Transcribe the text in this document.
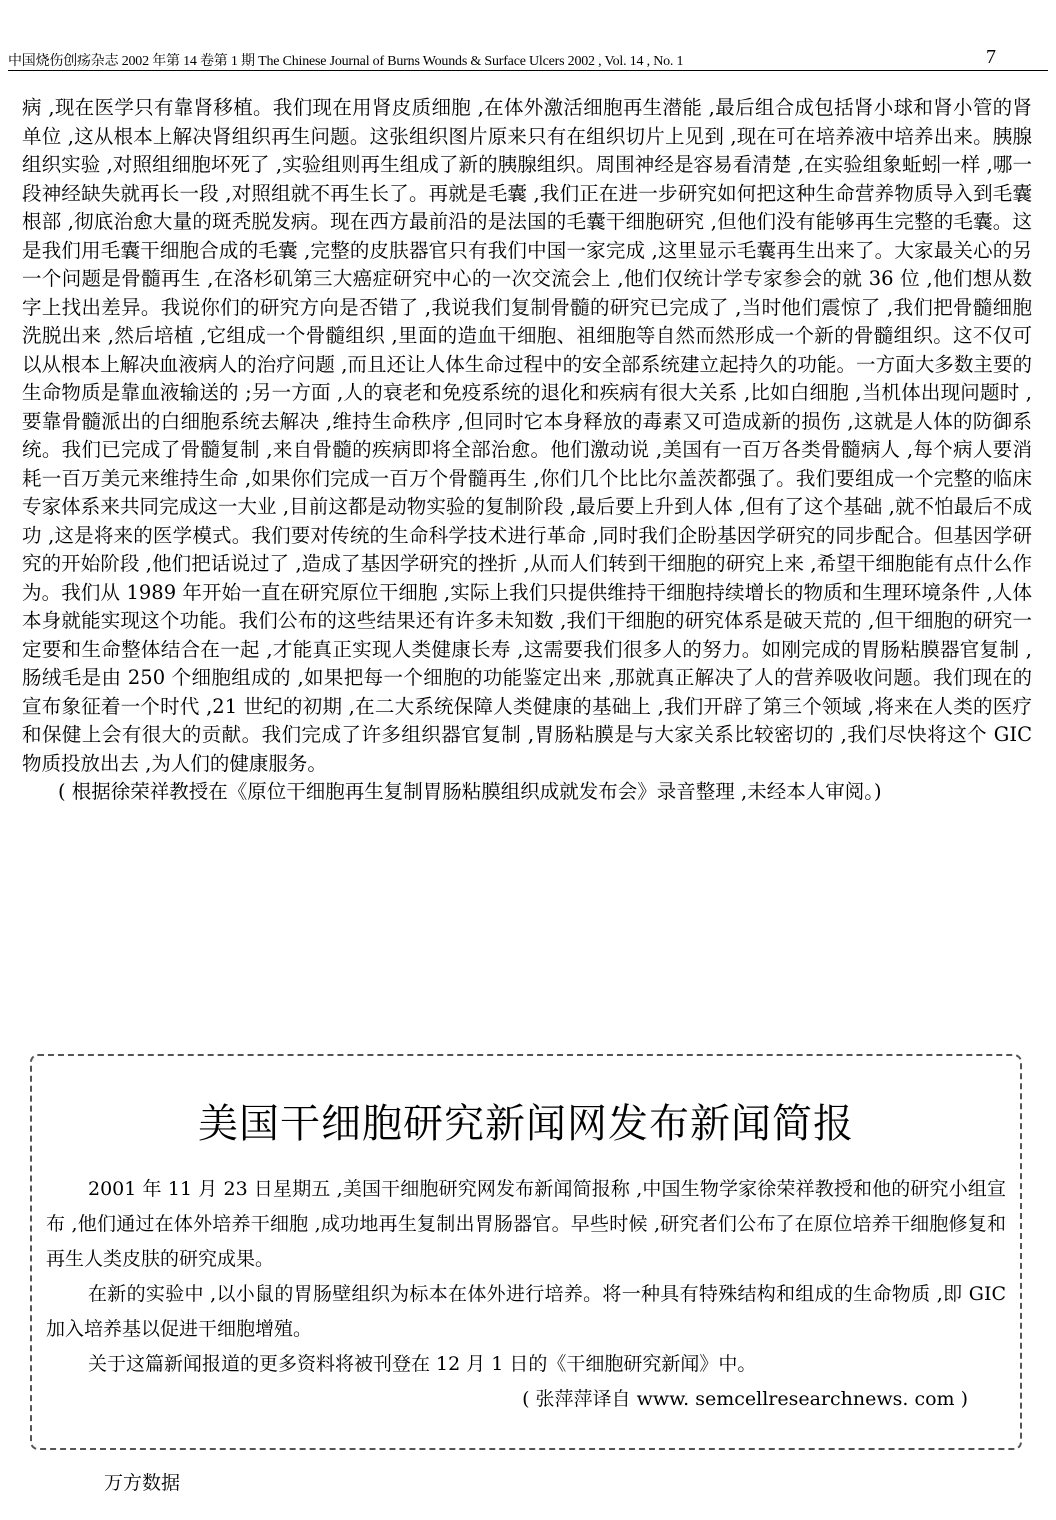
中国烧伤创疡杂志 2002 年第 14 卷第 1 期 The Chinese Journal of Burns Wounds & Surface Ulcers 2002 , Vol. 14 , No. 1	7

病 ,现在医学只有靠肾移植。我们现在用肾皮质细胞 ,在体外激活细胞再生潜能 ,最后组合成包括肾小球和肾小管的肾单位 ,这从根本上解决肾组织再生问题。这张组织图片原来只有在组织切片上见到 ,现在可在培养液中培养出来。胰腺组织实验 ,对照组细胞坏死了 ,实验组则再生组成了新的胰腺组织。周围神经是容易看清楚 ,在实验组象蚯蚓一样 ,哪一段神经缺失就再长一段 ,对照组就不再生长了。再就是毛囊 ,我们正在进一步研究如何把这种生命营养物质导入到毛囊根部 ,彻底治愈大量的斑秃脱发病。现在西方最前沿的是法国的毛囊干细胞研究 ,但他们没有能够再生完整的毛囊。这是我们用毛囊干细胞合成的毛囊 ,完整的皮肤器官只有我们中国一家完成 ,这里显示毛囊再生出来了。大家最关心的另一个问题是骨髓再生 ,在洛杉矶第三大癌症研究中心的一次交流会上 ,他们仅统计学专家参会的就 36 位 ,他们想从数字上找出差异。我说你们的研究方向是否错了 ,我说我们复制骨髓的研究已完成了 ,当时他们震惊了 ,我们把骨髓细胞洗脱出来 ,然后培植 ,它组成一个骨髓组织 ,里面的造血干细胞、祖细胞等自然而然形成一个新的骨髓组织。这不仅可以从根本上解决血液病人的治疗问题 ,而且还让人体生命过程中的安全部系统建立起持久的功能。一方面大多数主要的生命物质是靠血液输送的 ;另一方面 ,人的衰老和免疫系统的退化和疾病有很大关系 ,比如白细胞 ,当机体出现问题时 ,要靠骨髓派出的白细胞系统去解决 ,维持生命秩序 ,但同时它本身释放的毒素又可造成新的损伤 ,这就是人体的防御系统。我们已完成了骨髓复制 ,来自骨髓的疾病即将全部治愈。他们激动说 ,美国有一百万各类骨髓病人 ,每个病人要消耗一百万美元来维持生命 ,如果你们完成一百万个骨髓再生 ,你们几个比比尔盖茨都强了。我们要组成一个完整的临床专家体系来共同完成这一大业 ,目前这都是动物实验的复制阶段 ,最后要上升到人体 ,但有了这个基础 ,就不怕最后不成功 ,这是将来的医学模式。我们要对传统的生命科学技术进行革命 ,同时我们企盼基因学研究的同步配合。但基因学研究的开始阶段 ,他们把话说过了 ,造成了基因学研究的挫折 ,从而人们转到干细胞的研究上来 ,希望干细胞能有点什么作为。我们从 1989 年开始一直在研究原位干细胞 ,实际上我们只提供维持干细胞持续增长的物质和生理环境条件 ,人体本身就能实现这个功能。我们公布的这些结果还有许多未知数 ,我们干细胞的研究体系是破天荒的 ,但干细胞的研究一定要和生命整体结合在一起 ,才能真正实现人类健康长寿 ,这需要我们很多人的努力。如刚完成的胃肠粘膜器官复制 ,肠绒毛是由 250 个细胞组成的 ,如果把每一个细胞的功能鉴定出来 ,那就真正解决了人的营养吸收问题。我们现在的宣布象征着一个时代 ,21 世纪的初期 ,在二大系统保障人类健康的基础上 ,我们开辟了第三个领域 ,将来在人类的医疗和保健上会有很大的贡献。我们完成了许多组织器官复制 ,胃肠粘膜是与大家关系比较密切的 ,我们尽快将这个 GIC 物质投放出去 ,为人们的健康服务。

( 根据徐荣祥教授在《原位干细胞再生复制胃肠粘膜组织成就发布会》录音整理 ,未经本人审阅。)

美国干细胞研究新闻网发布新闻简报

2001 年 11 月 23 日星期五 ,美国干细胞研究网发布新闻简报称 ,中国生物学家徐荣祥教授和他的研究小组宣布 ,他们通过在体外培养干细胞 ,成功地再生复制出胃肠器官。早些时候 ,研究者们公布了在原位培养干细胞修复和再生人类皮肤的研究成果。

在新的实验中 ,以小鼠的胃肠壁组织为标本在体外进行培养。将一种具有特殊结构和组成的生命物质 ,即 GIC 加入培养基以促进干细胞增殖。

关于这篇新闻报道的更多资料将被刊登在 12 月 1 日的《干细胞研究新闻》中。

( 张萍萍译自 www. semcellresearchnews. com )

万方数据
